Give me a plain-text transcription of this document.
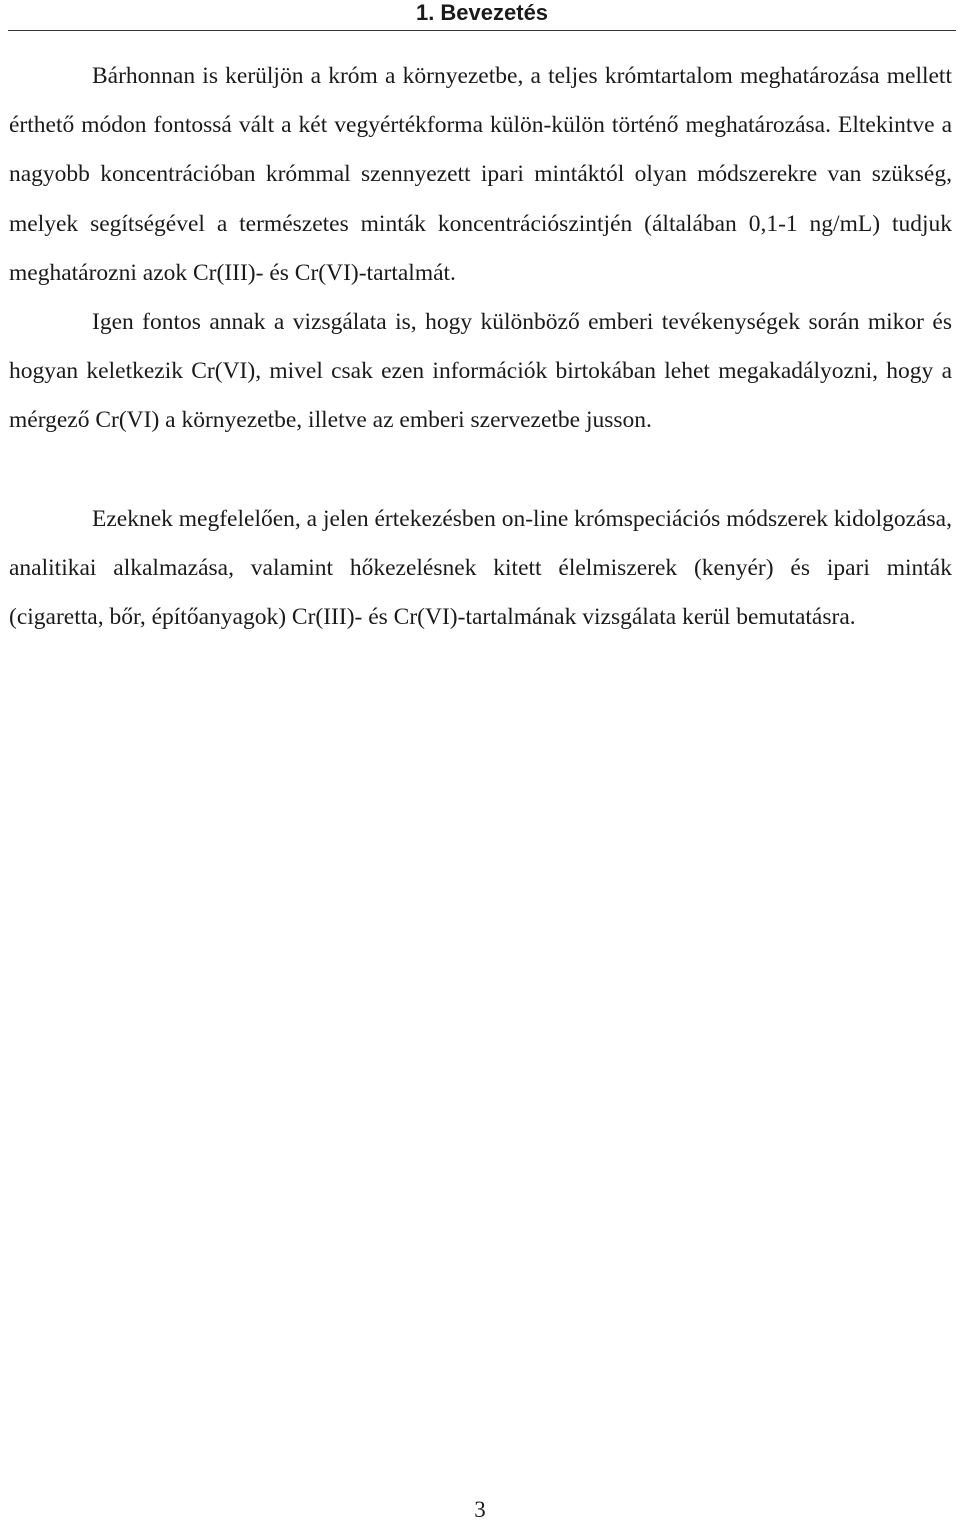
1. Bevezetés

Bárhonnan is kerüljön a króm a környezetbe, a teljes krómtartalom meghatározása mellett érthető módon fontossá vált a két vegyértékforma külön-külön történő meghatározása. Eltekintve a nagyobb koncentrációban krómmal szennyezett ipari mintáktól olyan módszerekre van szükség, melyek segítségével a természetes minták koncentrációszintjén (általában 0,1-1 ng/mL) tudjuk meghatározni azok Cr(III)- és Cr(VI)-tartalmát.

Igen fontos annak a vizsgálata is, hogy különböző emberi tevékenységek során mikor és hogyan keletkezik Cr(VI), mivel csak ezen információk birtokában lehet megakadályozni, hogy a mérgező Cr(VI) a környezetbe, illetve az emberi szervezetbe jusson.

Ezeknek megfelelően, a jelen értekezésben on-line krómspeciációs módszerek kidolgozása, analitikai alkalmazása, valamint hőkezelésnek kitett élelmiszerek (kenyér) és ipari minták (cigaretta, bőr, építőanyagok) Cr(III)- és Cr(VI)-tartalmának vizsgálata kerül bemutatásra.

3
